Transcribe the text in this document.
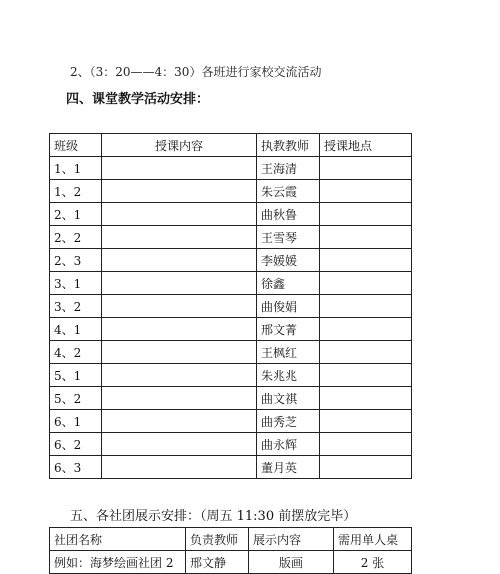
2、（3：20——4：30）各班进行家校交流活动
四、课堂教学活动安排：
班级	授课内容	执教教师	授课地点
1、1		王海清	
1、2		朱云霞	
2、1		曲秋鲁	
2、2		王雪琴	
2、3		李媛媛	
3、1		徐鑫	
3、2		曲俊娟	
4、1		邢文菁	
4、2		王枫红	
5、1		朱兆兆	
5、2		曲文祺	
6、1		曲秀芝	
6、2		曲永辉	
6、3		董月英	
五、各社团展示安排：（周五 11:30 前摆放完毕）
社团名称	负责教师	展示内容	需用单人桌
例如：海梦绘画社团 2	邢文静	版画	2 张
